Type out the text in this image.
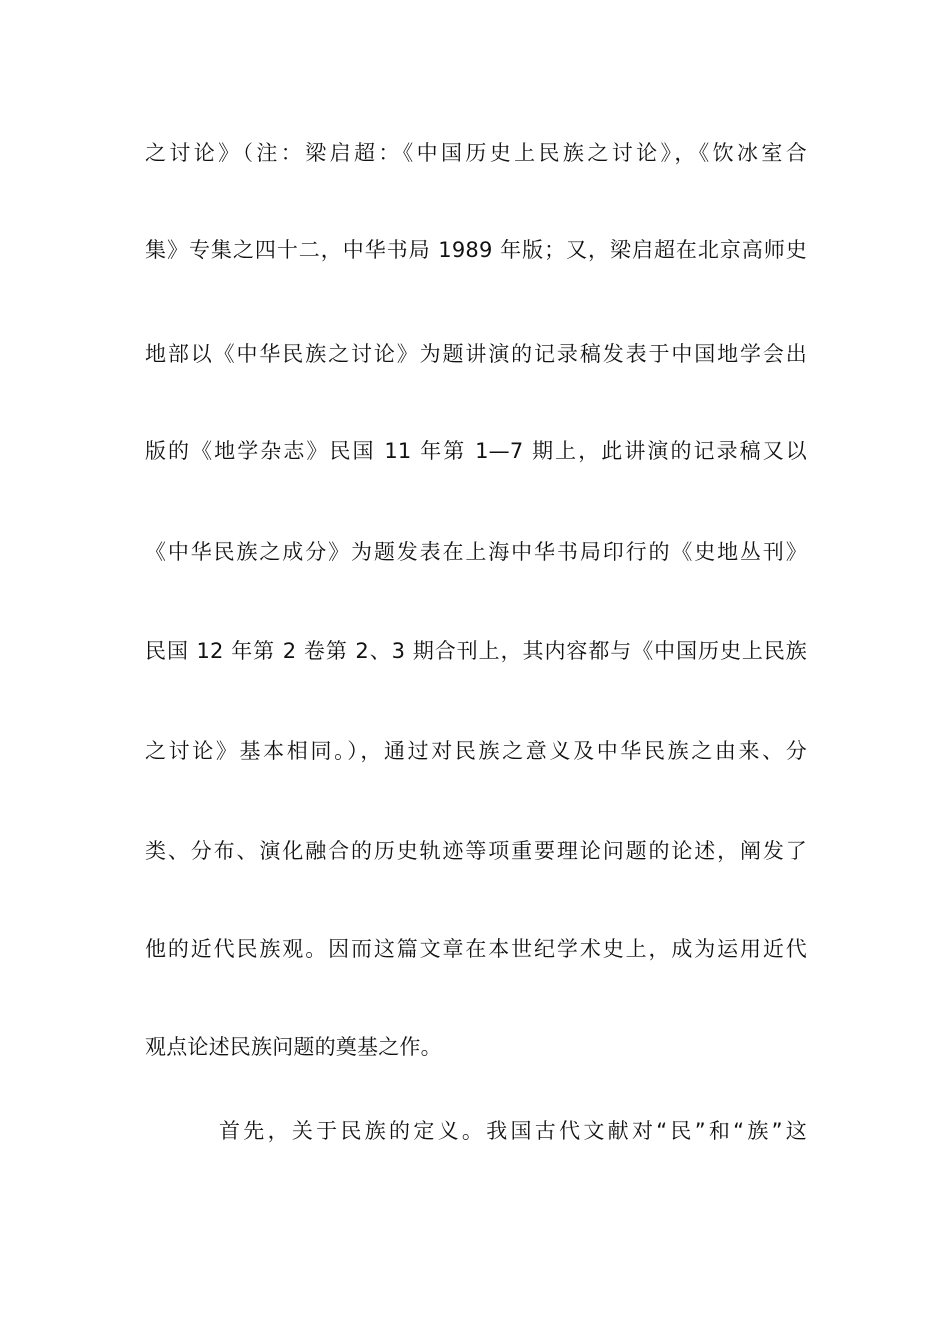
之讨论》（注：梁启超：《中国历史上民族之讨论》，《饮冰室合
集》专集之四十二，中华书局 1989 年版；又，梁启超在北京高师史
地部以《中华民族之讨论》为题讲演的记录稿发表于中国地学会出
版的《地学杂志》民国 11 年第 1—7 期上，此讲演的记录稿又以
《中华民族之成分》为题发表在上海中华书局印行的《史地丛刊》
民国 12 年第 2 卷第 2、3 期合刊上，其内容都与《中国历史上民族
之讨论》基本相同。），通过对民族之意义及中华民族之由来、分
类、分布、演化融合的历史轨迹等项重要理论问题的论述，阐发了
他的近代民族观。因而这篇文章在本世纪学术史上，成为运用近代
观点论述民族问题的奠基之作。
首先，关于民族的定义。我国古代文献对“民”和“族”这
